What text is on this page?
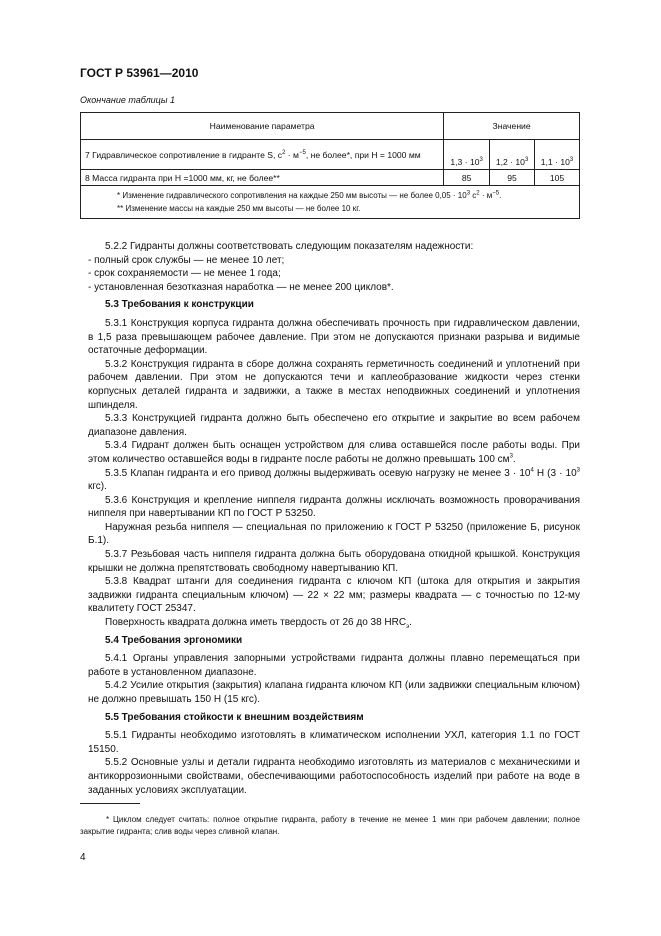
ГОСТ Р 53961—2010
Окончание таблицы 1
Наименование параметра	Значение		
7 Гидравлическое сопротивление в гидранте S, $с^2 \cdot м^{-5}$, не более*, при Н = 1000 мм	$1,3 \cdot 10^3$	$1,2 \cdot 10^3$	$1,1 \cdot 10^3$
8 Масса гидранта при Н =1000 мм, кг, не более**	85	95	105

* Изменение гидравлического сопротивления на каждые 250 мм высоты — не более $0,05 \cdot 10^3$ $с^2 \cdot м^{-5}$.
** Изменение массы на каждые 250 мм высоты — не более 10 кг.			

5.2.2 Гидранты должны соответствовать следующим показателям надежности:

- полный срок службы — не менее 10 лет;

- срок сохраняемости — не менее 1 года;

- установленная безотказная наработка — не менее 200 циклов*.

5.3 Требования к конструкции

5.3.1 Конструкция корпуса гидранта должна обеспечивать прочность при гидравлическом давлении, в 1,5 раза превышающем рабочее давление. При этом не допускаются признаки разрыва и видимые остаточные деформации.

5.3.2 Конструкция гидранта в сборе должна сохранять герметичность соединений и уплотнений при рабочем давлении. При этом не допускаются течи и каплеобразование жидкости через стенки корпусных деталей гидранта и задвижки, а также в местах неподвижных соединений и уплотнения шпинделя.

5.3.3 Конструкцией гидранта должно быть обеспечено его открытие и закрытие во всем рабочем диапазоне давления.

5.3.4 Гидрант должен быть оснащен устройством для слива оставшейся после работы воды. При этом количество оставшейся воды в гидранте после работы не должно превышать 100 $см^3$.

5.3.5 Клапан гидранта и его привод должны выдерживать осевую нагрузку не менее $3 \cdot 10^4$ Н ($3 \cdot 10^3$ кгс).

5.3.6 Конструкция и крепление ниппеля гидранта должны исключать возможность проворачивания ниппеля при навертывании КП по ГОСТ Р 53250.

Наружная резьба ниппеля — специальная по приложению к ГОСТ Р 53250 (приложение Б, рисунок Б.1).

5.3.7 Резьбовая часть ниппеля гидранта должна быть оборудована откидной крышкой. Конструкция крышки не должна препятствовать свободному навертыванию КП.

5.3.8 Квадрат штанги для соединения гидранта с ключом КП (штока для открытия и закрытия задвижки гидранта специальным ключом) — 22 × 22 мм; размеры квадрата — с точностью по 12-му квалитету ГОСТ 25347.

Поверхность квадрата должна иметь твердость от 26 до 38 $HRC_э$.

5.4 Требования эргономики

5.4.1 Органы управления запорными устройствами гидранта должны плавно перемещаться при работе в установленном диапазоне.

5.4.2 Усилие открытия (закрытия) клапана гидранта ключом КП (или задвижки специальным ключом) не должно превышать 150 Н (15 кгс).

5.5 Требования стойкости к внешним воздействиям

5.5.1 Гидранты необходимо изготовлять в климатическом исполнении УХЛ, категория 1.1 по ГОСТ 15150.

5.5.2 Основные узлы и детали гидранта необходимо изготовлять из материалов с механическими и антикоррозионными свойствами, обеспечивающими работоспособность изделий при работе на воде в заданных условиях эксплуатации.

* Циклом следует считать: полное открытие гидранта, работу в течение не менее 1 мин при рабочем давлении; полное закрытие гидранта; слив воды через сливной клапан.
4
